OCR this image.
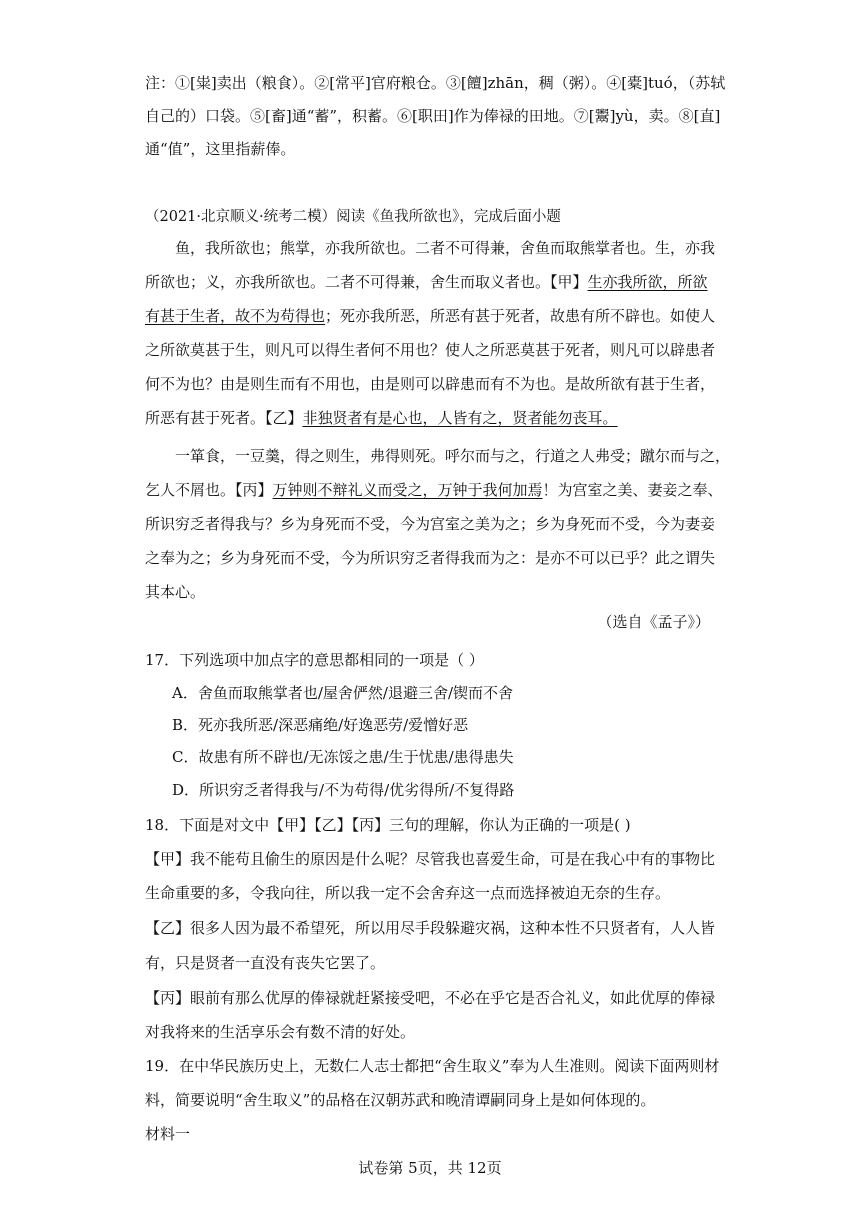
注：①[粜]卖出（粮食）。②[常平]官府粮仓。③[饘]zhān，稠（粥）。④[橐]tuó，（苏轼
自己的）口袋。⑤[畜]通“蓄”，积蓄。⑥[职田]作为俸禄的田地。⑦[鬻]yù，卖。⑧[直]
通“值”，这里指薪俸。
（2021·北京顺义·统考二模）阅读《鱼我所欲也》，完成后面小题
鱼，我所欲也；熊掌，亦我所欲也。二者不可得兼，舍鱼而取熊掌者也。生，亦我
所欲也；义，亦我所欲也。二者不可得兼，舍生而取义者也。【甲】生亦我所欲，所欲
有甚于生者，故不为苟得也；死亦我所恶，所恶有甚于死者，故患有所不辟也。如使人
之所欲莫甚于生，则凡可以得生者何不用也？使人之所恶莫甚于死者，则凡可以辟患者
何不为也？由是则生而有不用也，由是则可以辟患而有不为也。是故所欲有甚于生者，
所恶有甚于死者。【乙】非独贤者有是心也，人皆有之，贤者能勿丧耳。
一箪食，一豆羹，得之则生，弗得则死。呼尔而与之，行道之人弗受；蹴尔而与之，
乞人不屑也。【丙】万钟则不辩礼义而受之，万钟于我何加焉！为宫室之美、妻妾之奉、
所识穷乏者得我与？乡为身死而不受，今为宫室之美为之；乡为身死而不受，今为妻妾
之奉为之；乡为身死而不受，今为所识穷乏者得我而为之：是亦不可以已乎？此之谓失
其本心。
（选自《孟子》）
17．下列选项中加点字的意思都相同的一项是（ ）
A．舍鱼而取熊掌者也/屋舍俨然/退避三舍/锲而不舍
B．死亦我所恶/深恶痛绝/好逸恶劳/爱憎好恶
C．故患有所不辟也/无冻馁之患/生于忧患/患得患失
D．所识穷乏者得我与/不为苟得/优劣得所/不复得路
18．下面是对文中【甲】【乙】【丙】三句的理解，你认为正确的一项是( )
【甲】我不能苟且偷生的原因是什么呢？尽管我也喜爱生命，可是在我心中有的事物比
生命重要的多，令我向往，所以我一定不会舍弃这一点而选择被迫无奈的生存。
【乙】很多人因为最不希望死，所以用尽手段躲避灾祸，这种本性不只贤者有，人人皆
有，只是贤者一直没有丧失它罢了。
【丙】眼前有那么优厚的俸禄就赶紧接受吧，不必在乎它是否合礼义，如此优厚的俸禄
对我将来的生活享乐会有数不清的好处。
19．在中华民族历史上，无数仁人志士都把“舍生取义”奉为人生准则。阅读下面两则材
料，简要说明“舍生取义”的品格在汉朝苏武和晚清谭嗣同身上是如何体现的。
材料一
试卷第 5页，共 12页
